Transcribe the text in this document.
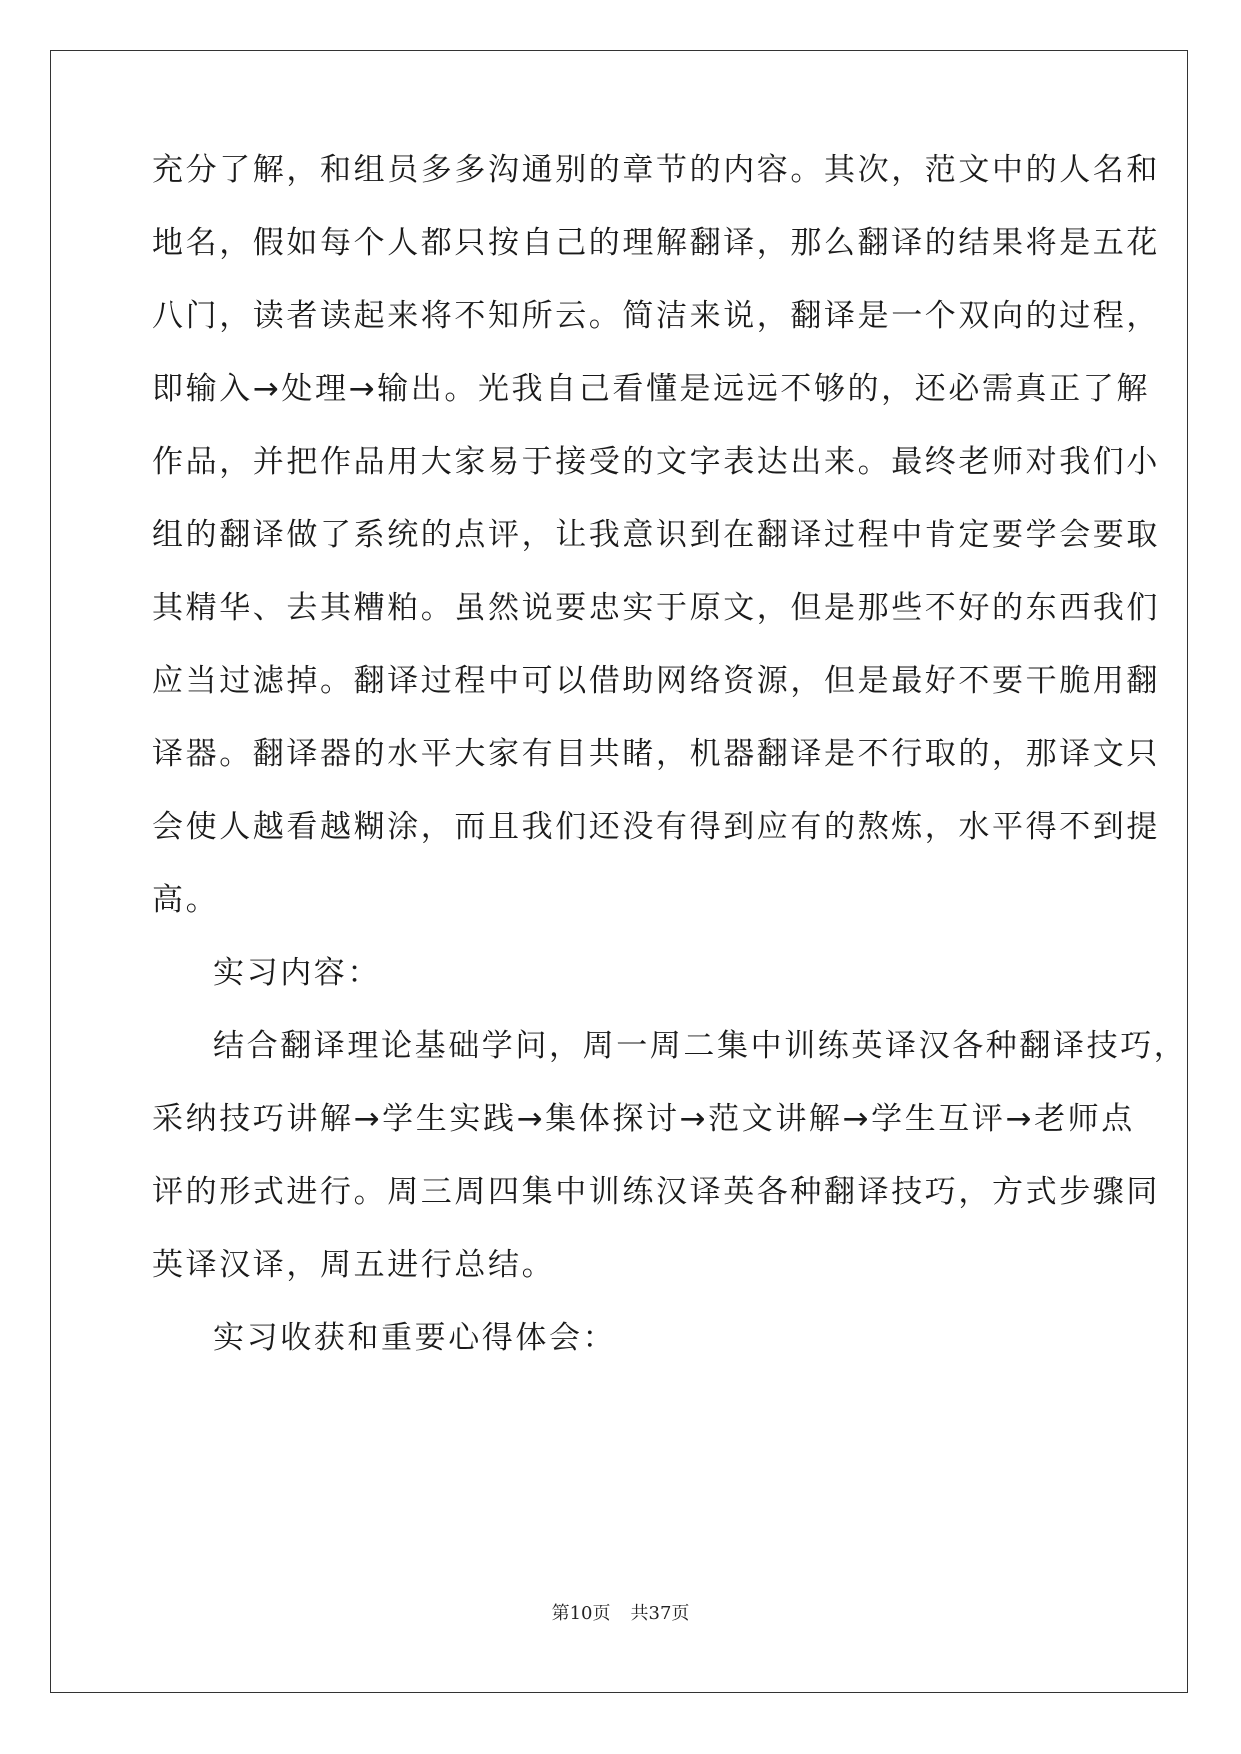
充分了解，和组员多多沟通别的章节的内容。其次，范文中的人名和

地名，假如每个人都只按自己的理解翻译，那么翻译的结果将是五花

八门，读者读起来将不知所云。简洁来说，翻译是一个双向的过程，

即输入→处理→输出。光我自己看懂是远远不够的，还必需真正了解

作品，并把作品用大家易于接受的文字表达出来。最终老师对我们小

组的翻译做了系统的点评，让我意识到在翻译过程中肯定要学会要取

其精华、去其糟粕。虽然说要忠实于原文，但是那些不好的东西我们

应当过滤掉。翻译过程中可以借助网络资源，但是最好不要干脆用翻

译器。翻译器的水平大家有目共睹，机器翻译是不行取的，那译文只

会使人越看越糊涂，而且我们还没有得到应有的熬炼，水平得不到提

高。

实习内容：

结合翻译理论基础学问，周一周二集中训练英译汉各种翻译技巧，

采纳技巧讲解→学生实践→集体探讨→范文讲解→学生互评→老师点

评的形式进行。周三周四集中训练汉译英各种翻译技巧，方式步骤同

英译汉译，周五进行总结。

实习收获和重要心得体会：

第10页 共37页
